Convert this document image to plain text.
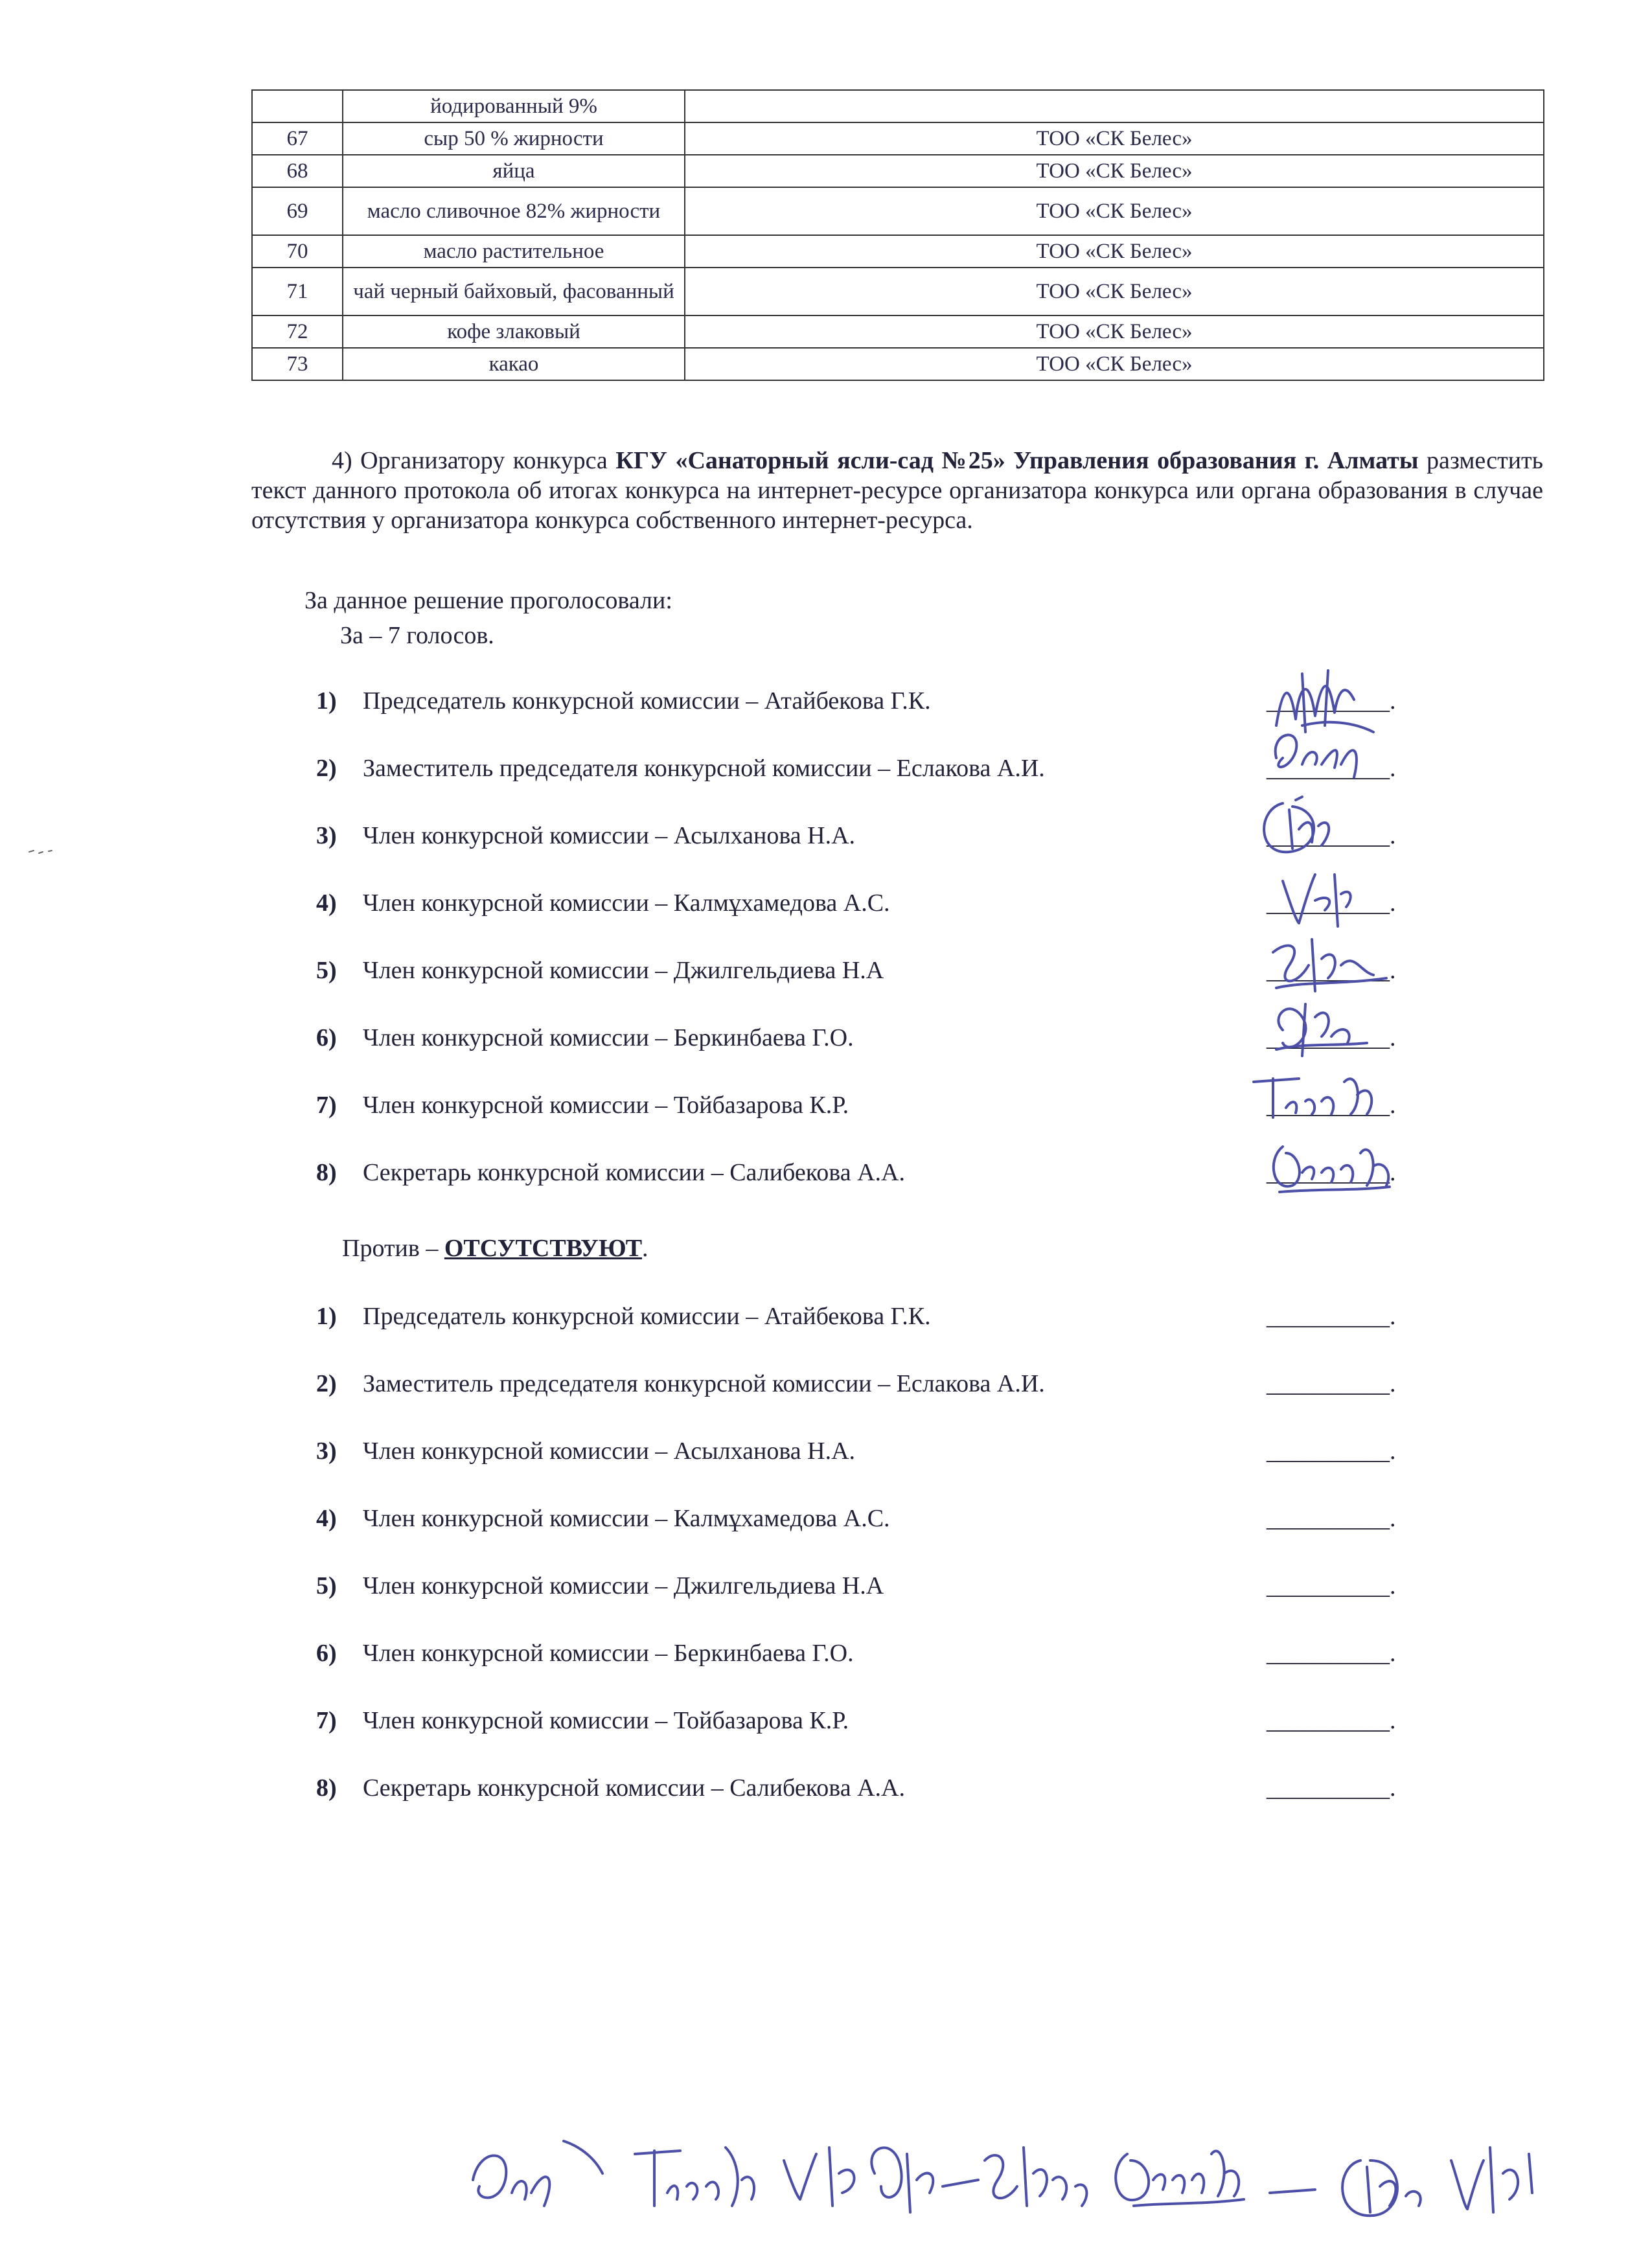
	йодированный 9%	
67	сыр 50 % жирности	ТОО «СК Белес»
68	яйца	ТОО «СК Белес»
69	масло сливочное 82% жирности	ТОО «СК Белес»
70	масло растительное	ТОО «СК Белес»
71	чай черный байховый, фасованный	ТОО «СК Белес»
72	кофе злаковый	ТОО «СК Белес»
73	какао	ТОО «СК Белес»
4) Организатору конкурса КГУ «Санаторный ясли-сад №25» Управления образования г. Алматы разместить текст данного протокола об итогах конкурса на интернет-ресурсе организатора конкурса или органа образования в случае отсутствия у организатора конкурса собственного интернет-ресурса.
За данное решение проголосовали:
За – 7 голосов.
1) Председатель конкурсной комиссии – Атайбекова Г.К.	__________.
2) Заместитель председателя конкурсной комиссии – Еслакова А.И.	__________.
3) Член конкурсной комиссии – Асылханова Н.А.	__________.
4) Член конкурсной комиссии – Калмұхамедова А.С.	__________.
5) Член конкурсной комиссии – Джилгельдиева Н.А	__________.
6) Член конкурсной комиссии – Беркинбаева Г.О.	__________.
7) Член конкурсной комиссии – Тойбазарова К.Р.	__________.
8) Секретарь конкурсной комиссии – Салибекова А.А.	__________.
Против – ОТСУТСТВУЮТ.
1) Председатель конкурсной комиссии – Атайбекова Г.К.	__________.
2) Заместитель председателя конкурсной комиссии – Еслакова А.И.	__________.
3) Член конкурсной комиссии – Асылханова Н.А.	__________.
4) Член конкурсной комиссии – Калмұхамедова А.С.	__________.
5) Член конкурсной комиссии – Джилгельдиева Н.А	__________.
6) Член конкурсной комиссии – Беркинбаева Г.О.	__________.
7) Член конкурсной комиссии – Тойбазарова К.Р.	__________.
8) Секретарь конкурсной комиссии – Салибекова А.А.	__________.
